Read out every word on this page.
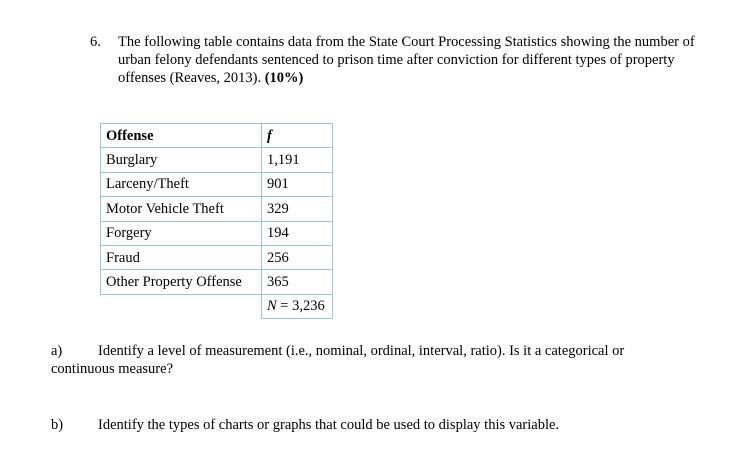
6. The following table contains data from the State Court Processing Statistics showing the number of urban felony defendants sentenced to prison time after conviction for different types of property offenses (Reaves, 2013). (10%)
Offense	f
Burglary	1,191
Larceny/Theft	901
Motor Vehicle Theft	329
Forgery	194
Fraud	256
Other Property Offense	365
	N = 3,236
a) Identify a level of measurement (i.e., nominal, ordinal, interval, ratio). Is it a categorical or
continuous measure?
b) Identify the types of charts or graphs that could be used to display this variable.
